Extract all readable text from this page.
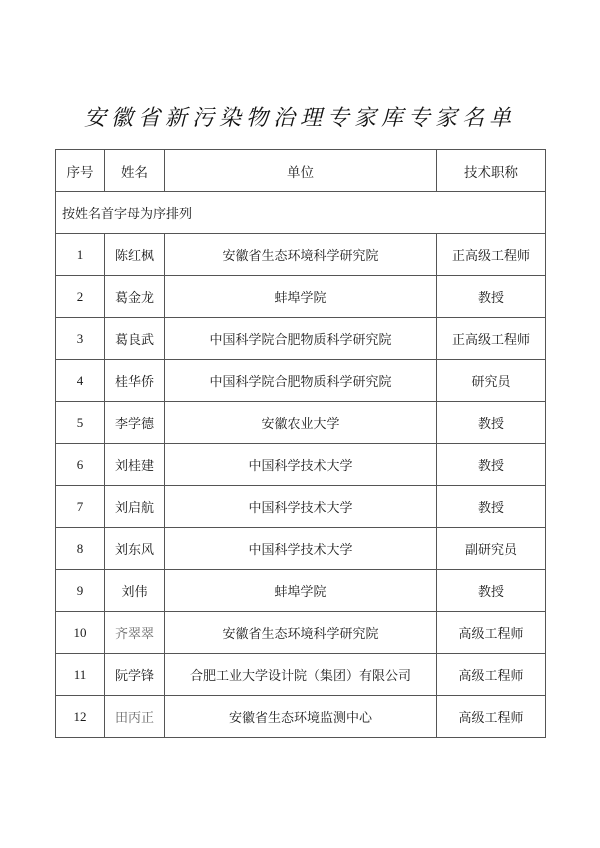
安徽省新污染物治理专家库专家名单
序号	姓名	单位	技术职称
按姓名首字母为序排列			
1	陈红枫	安徽省生态环境科学研究院	正高级工程师
2	葛金龙	蚌埠学院	教授
3	葛良武	中国科学院合肥物质科学研究院	正高级工程师
4	桂华侨	中国科学院合肥物质科学研究院	研究员
5	李学德	安徽农业大学	教授
6	刘桂建	中国科学技术大学	教授
7	刘启航	中国科学技术大学	教授
8	刘东风	中国科学技术大学	副研究员
9	刘伟	蚌埠学院	教授
10	齐翠翠	安徽省生态环境科学研究院	高级工程师
11	阮学锋	合肥工业大学设计院（集团）有限公司	高级工程师
12	田丙正	安徽省生态环境监测中心	高级工程师
